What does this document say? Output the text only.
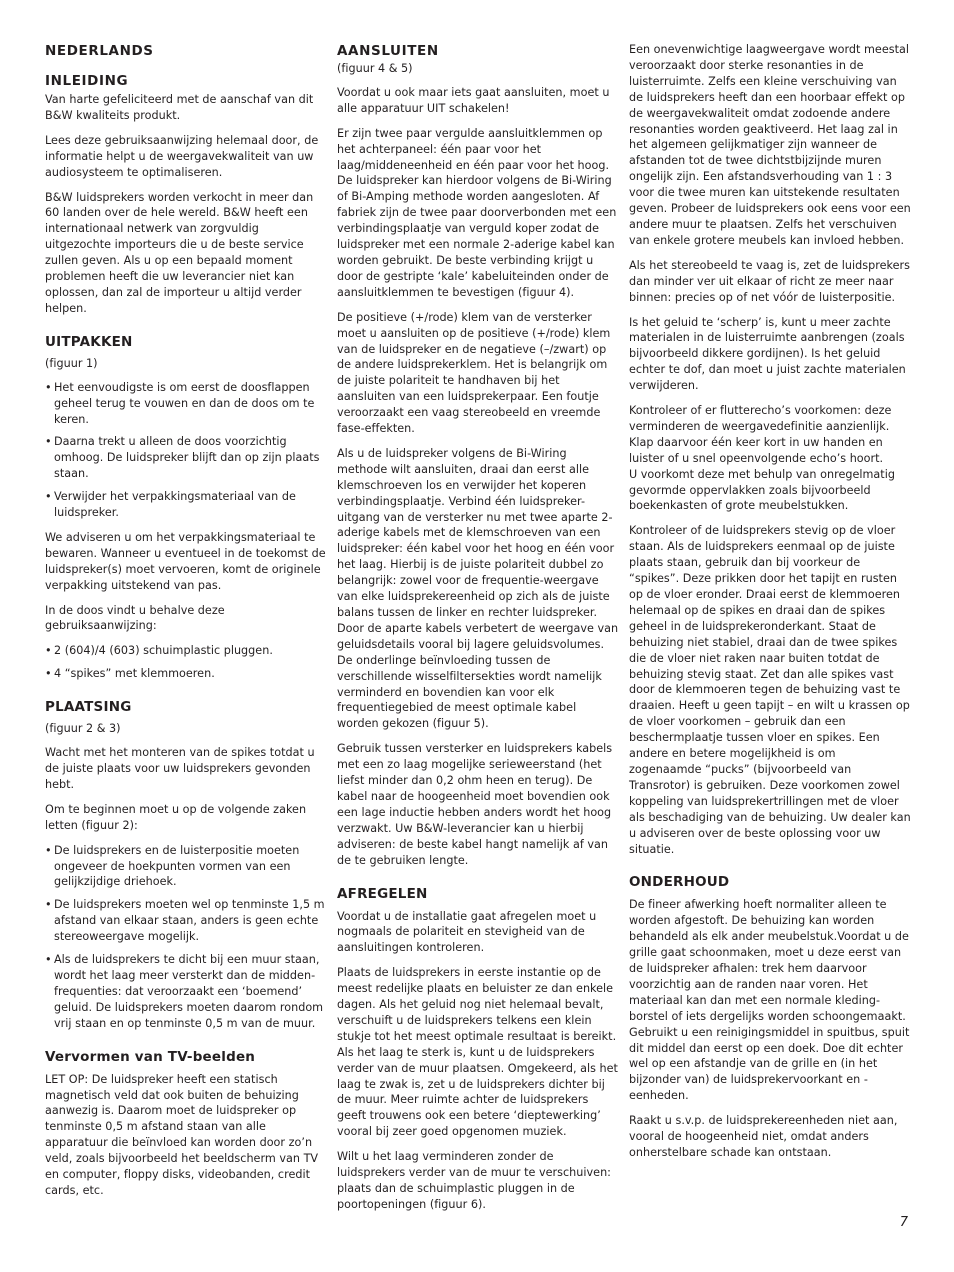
NEDERLANDS
INLEIDING

Van harte gefeliciteerd met de aanschaf van dit B&W kwaliteits produkt.

Lees deze gebruiksaanwijzing helemaal door, de informatie helpt u de weergavekwaliteit van uw audiosysteem te optimaliseren.

B&W luidsprekers worden verkocht in meer dan 60 landen over de hele wereld. B&W heeft een internationaal netwerk van zorgvuldig uitgezochte importeurs die u de beste service zullen geven. Als u op een bepaald moment problemen heeft die uw leverancier niet kan oplossen, dan zal de importeur u altijd verder helpen.

UITPAKKEN

(figuur 1)

• Het eenvoudigste is om eerst de doosflappen geheel terug te vouwen en dan de doos om te keren.
• Daarna trekt u alleen de doos voorzichtig omhoog. De luidspreker blijft dan op zijn plaats staan.
• Verwijder het verpakkingsmateriaal van de luidspreker.

We adviseren u om het verpakkingsmateriaal te bewaren. Wanneer u eventueel in de toekomst de luidspreker(s) moet vervoeren, komt de originele verpakking uitstekend van pas.

In de doos vindt u behalve deze gebruiksaanwijzing:

• 2 (604)/4 (603) schuimplastic pluggen.
• 4 “spikes” met klemmoeren.
PLAATSING

(figuur 2 & 3)

Wacht met het monteren van de spikes totdat u de juiste plaats voor uw luidsprekers gevonden hebt.

Om te beginnen moet u op de volgende zaken letten (figuur 2):

• De luidsprekers en de luisterpositie moeten ongeveer de hoekpunten vormen van een gelijkzijdige driehoek.
• De luidsprekers moeten wel op tenminste 1,5 m afstand van elkaar staan, anders is geen echte stereoweergave mogelijk.
• Als de luidsprekers te dicht bij een muur staan, wordt het laag meer versterkt dan de midden-frequenties: dat veroorzaakt een ‘boemend’ geluid. De luidsprekers moeten daarom rondom vrij staan en op tenminste 0,5 m van de muur.
Vervormen van TV-beelden

LET OP: De luidspreker heeft een statisch magnetisch veld dat ook buiten de behuizing aanwezig is. Daarom moet de luidspreker op tenminste 0,5 m afstand staan van alle apparatuur die beïnvloed kan worden door zo’n veld, zoals bijvoorbeeld het beeldscherm van TV en computer, floppy disks, videobanden, credit cards, etc.

AANSLUITEN

(figuur 4 & 5)

Voordat u ook maar iets gaat aansluiten, moet u alle apparatuur UIT schakelen!

Er zijn twee paar vergulde aansluitklemmen op het achterpaneel: één paar voor het laag/middeneenheid en één paar voor het hoog. De luidspreker kan hierdoor volgens de Bi-Wiring of Bi-Amping methode worden aangesloten. Af fabriek zijn de twee paar doorverbonden met een verbindingsplaatje van verguld koper zodat de luidspreker met een normale 2-aderige kabel kan worden gebruikt. De beste verbinding krijgt u door de gestripte ‘kale’ kabeluiteinden onder de aansluitklemmen te bevestigen (figuur 4).

De positieve (+/rode) klem van de versterker moet u aansluiten op de positieve (+/rode) klem van de luidspreker en de negatieve (–/zwart) op de andere luidsprekerklem. Het is belangrijk om de juiste polariteit te handhaven bij het aansluiten van een luidsprekerpaar. Een foutje veroorzaakt een vaag stereobeeld en vreemde fase-effekten.

Als u de luidspreker volgens de Bi-Wiring methode wilt aansluiten, draai dan eerst alle klemschroeven los en verwijder het koperen verbindingsplaatje. Verbind één luidspreker-uitgang van de versterker nu met twee aparte 2-aderige kabels met de klemschroeven van een luidspreker: één kabel voor het hoog en één voor het laag. Hierbij is de juiste polariteit dubbel zo belangrijk: zowel voor de frequentie-weergave van elke luidsprekereenheid op zich als de juiste balans tussen de linker en rechter luidspreker. Door de aparte kabels verbetert de weergave van geluidsdetails vooral bij lagere geluidsvolumes. De onderlinge beïnvloeding tussen de verschillende wisselfiltersekties wordt namelijk verminderd en bovendien kan voor elk frequentiegebied de meest optimale kabel worden gekozen (figuur 5).

Gebruik tussen versterker en luidsprekers kabels met een zo laag mogelijke serieweerstand (het liefst minder dan 0,2 ohm heen en terug). De kabel naar de hoogeenheid moet bovendien ook een lage inductie hebben anders wordt het hoog verzwakt. Uw B&W-leverancier kan u hierbij adviseren: de beste kabel hangt namelijk af van de te gebruiken lengte.

AFREGELEN

Voordat u de installatie gaat afregelen moet u nogmaals de polariteit en stevigheid van de aansluitingen kontroleren.

Plaats de luidsprekers in eerste instantie op de meest redelijke plaats en beluister ze dan enkele dagen. Als het geluid nog niet helemaal bevalt, verschuift u de luidsprekers telkens een klein stukje tot het meest optimale resultaat is bereikt. Als het laag te sterk is, kunt u de luidsprekers verder van de muur plaatsen. Omgekeerd, als het laag te zwak is, zet u de luidsprekers dichter bij de muur. Meer ruimte achter de luidsprekers geeft trouwens ook een betere ‘dieptewerking’ vooral bij zeer goed opgenomen muziek.

Wilt u het laag verminderen zonder de luidsprekers verder van de muur te verschuiven: plaats dan de schuimplastic pluggen in de poortopeningen (figuur 6).

Een onevenwichtige laagweergave wordt meestal veroorzaakt door sterke resonanties in de luisterruimte. Zelfs een kleine verschuiving van de luidsprekers heeft dan een hoorbaar effekt op de weergavekwaliteit omdat zodoende andere resonanties worden geaktiveerd. Het laag zal in het algemeen gelijkmatiger zijn wanneer de afstanden tot de twee dichtstbijzijnde muren ongelijk zijn. Een afstandsverhouding van 1 : 3 voor die twee muren kan uitstekende resultaten geven. Probeer de luidsprekers ook eens voor een andere muur te plaatsen. Zelfs het verschuiven van enkele grotere meubels kan invloed hebben.

Als het stereobeeld te vaag is, zet de luidsprekers dan minder ver uit elkaar of richt ze meer naar binnen: precies op of net vóór de luisterpositie.

Is het geluid te ‘scherp’ is, kunt u meer zachte materialen in de luisterruimte aanbrengen (zoals bijvoorbeeld dikkere gordijnen). Is het geluid echter te dof, dan moet u juist zachte materialen verwijderen.

Kontroleer of er flutterecho’s voorkomen: deze verminderen de weergavedefinitie aanzienlijk. Klap daarvoor één keer kort in uw handen en luister of u snel opeenvolgende echo’s hoort.

U voorkomt deze met behulp van onregelmatig gevormde oppervlakken zoals bijvoorbeeld boekenkasten of grote meubelstukken.

Kontroleer of de luidsprekers stevig op de vloer staan. Als de luidsprekers eenmaal op de juiste plaats staan, gebruik dan bij voorkeur de “spikes”. Deze prikken door het tapijt en rusten op de vloer eronder. Draai eerst de klemmoeren helemaal op de spikes en draai dan de spikes geheel in de luidsprekeronderkant. Staat de behuizing niet stabiel, draai dan de twee spikes die de vloer niet raken naar buiten totdat de behuizing stevig staat. Zet dan alle spikes vast door de klemmoeren tegen de behuizing vast te draaien. Heeft u geen tapijt – en wilt u krassen op de vloer voorkomen – gebruik dan een beschermplaatje tussen vloer en spikes. Een andere en betere mogelijkheid is om zogenaamde “pucks” (bijvoorbeeld van Transrotor) is gebruiken. Deze voorkomen zowel koppeling van luidsprekertrillingen met de vloer als beschadiging van de behuizing. Uw dealer kan u adviseren over de beste oplossing voor uw situatie.

ONDERHOUD

De fineer afwerking hoeft normaliter alleen te worden afgestoft. De behuizing kan worden behandeld als elk ander meubelstuk.Voordat u de grille gaat schoonmaken, moet u deze eerst van de luidspreker afhalen: trek hem daarvoor voorzichtig aan de randen naar voren. Het materiaal kan dan met een normale kleding-borstel of iets dergelijks worden schoongemaakt. Gebruikt u een reinigingsmiddel in spuitbus, spuit dit middel dan eerst op een doek. Doe dit echter wel op een afstandje van de grille en (in het bijzonder van) de luidsprekervoorkant en -eenheden.

Raakt u s.v.p. de luidsprekereenheden niet aan, vooral de hoogeenheid niet, omdat anders onherstelbare schade kan ontstaan.

7
